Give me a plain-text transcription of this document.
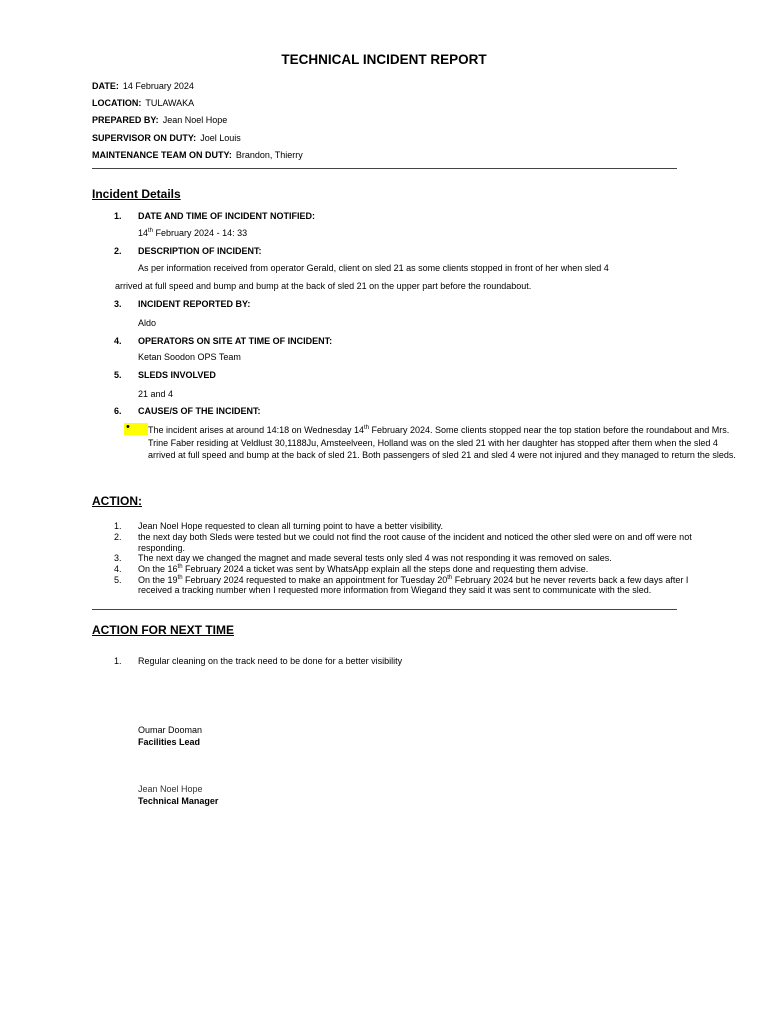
TECHNICAL INCIDENT REPORT
DATE: 14 February 2024
LOCATION: TULAWAKA
PREPARED BY: Jean Noel Hope
SUPERVISOR ON DUTY: Joel Louis
MAINTENANCE TEAM ON DUTY: Brandon, Thierry
Incident Details
1. DATE AND TIME OF INCIDENT NOTIFIED:
14th February 2024 - 14: 33
2. DESCRIPTION OF INCIDENT:
As per information received from operator Gerald, client on sled 21 as some clients stopped in front of her when sled 4
arrived at full speed and bump and bump at the back of sled 21 on the upper part before the roundabout.
3. INCIDENT REPORTED BY:
Aldo
4. OPERATORS ON SITE AT TIME OF INCIDENT:
Ketan Soodon OPS Team
5. SLEDS INVOLVED
21 and 4
6. CAUSE/S OF THE INCIDENT:
• The incident arises at around 14:18 on Wednesday 14th February 2024. Some clients stopped near the top station before the roundabout and Mrs. Trine Faber residing at Veldlust 30,1188Ju, Amsteelveen, Holland was on the sled 21 with her daughter has stopped after them when the sled 4 arrived at full speed and bump at the back of sled 21. Both passengers of sled 21 and sled 4 were not injured and they managed to return the sleds.
ACTION:
1. Jean Noel Hope requested to clean all turning point to have a better visibility.
2. the next day both Sleds were tested but we could not find the root cause of the incident and noticed the other sled were on and off were not responding.
3. The next day we changed the magnet and made several tests only sled 4 was not responding it was removed on sales.
4. On the 16th February 2024 a ticket was sent by WhatsApp explain all the steps done and requesting them advise.
5. On the 19th February 2024 requested to make an appointment for Tuesday 20th February 2024 but he never reverts back a few days after I received a tracking number when I requested more information from Wiegand they said it was sent to communicate with the sled.
ACTION FOR NEXT TIME
1. Regular cleaning on the track need to be done for a better visibility
Oumar Dooman
Facilities Lead
Jean Noel Hope
Technical Manager
